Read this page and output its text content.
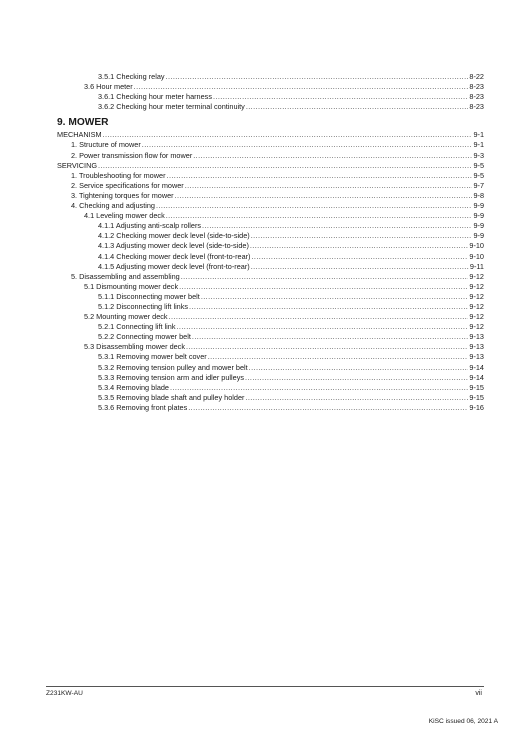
3.5.1 Checking relay .....	8-22
3.6 Hour meter .....	8-23
3.6.1 Checking hour meter harness .....	8-23
3.6.2 Checking hour meter terminal continuity .....	8-23
9. MOWER
MECHANISM .....	9-1
1. Structure of mower .....	9-1
2. Power transmission flow for mower .....	9-3
SERVICING .....	9-5
1. Troubleshooting for mower .....	9-5
2. Service specifications for mower .....	9-7
3. Tightening torques for mower .....	9-8
4. Checking and adjusting .....	9-9
4.1 Leveling mower deck .....	9-9
4.1.1 Adjusting anti-scalp rollers .....	9-9
4.1.2 Checking mower deck level (side-to-side) .....	9-9
4.1.3 Adjusting mower deck level (side-to-side) .....	9-10
4.1.4 Checking mower deck level (front-to-rear) .....	9-10
4.1.5 Adjusting mower deck level (front-to-rear) .....	9-11
5. Disassembling and assembling .....	9-12
5.1 Dismounting mower deck .....	9-12
5.1.1 Disconnecting mower belt .....	9-12
5.1.2 Disconnecting lift links .....	9-12
5.2 Mounting mower deck .....	9-12
5.2.1 Connecting lift link .....	9-12
5.2.2 Connecting mower belt .....	9-13
5.3 Disassembling mower deck .....	9-13
5.3.1 Removing mower belt cover .....	9-13
5.3.2 Removing tension pulley and mower belt .....	9-14
5.3.3 Removing tension arm and idler pulleys .....	9-14
5.3.4 Removing blade .....	9-15
5.3.5 Removing blade shaft and pulley holder .....	9-15
5.3.6 Removing front plates .....	9-16
Z231KW-AU	vii
KiSC issued 06, 2021 A
